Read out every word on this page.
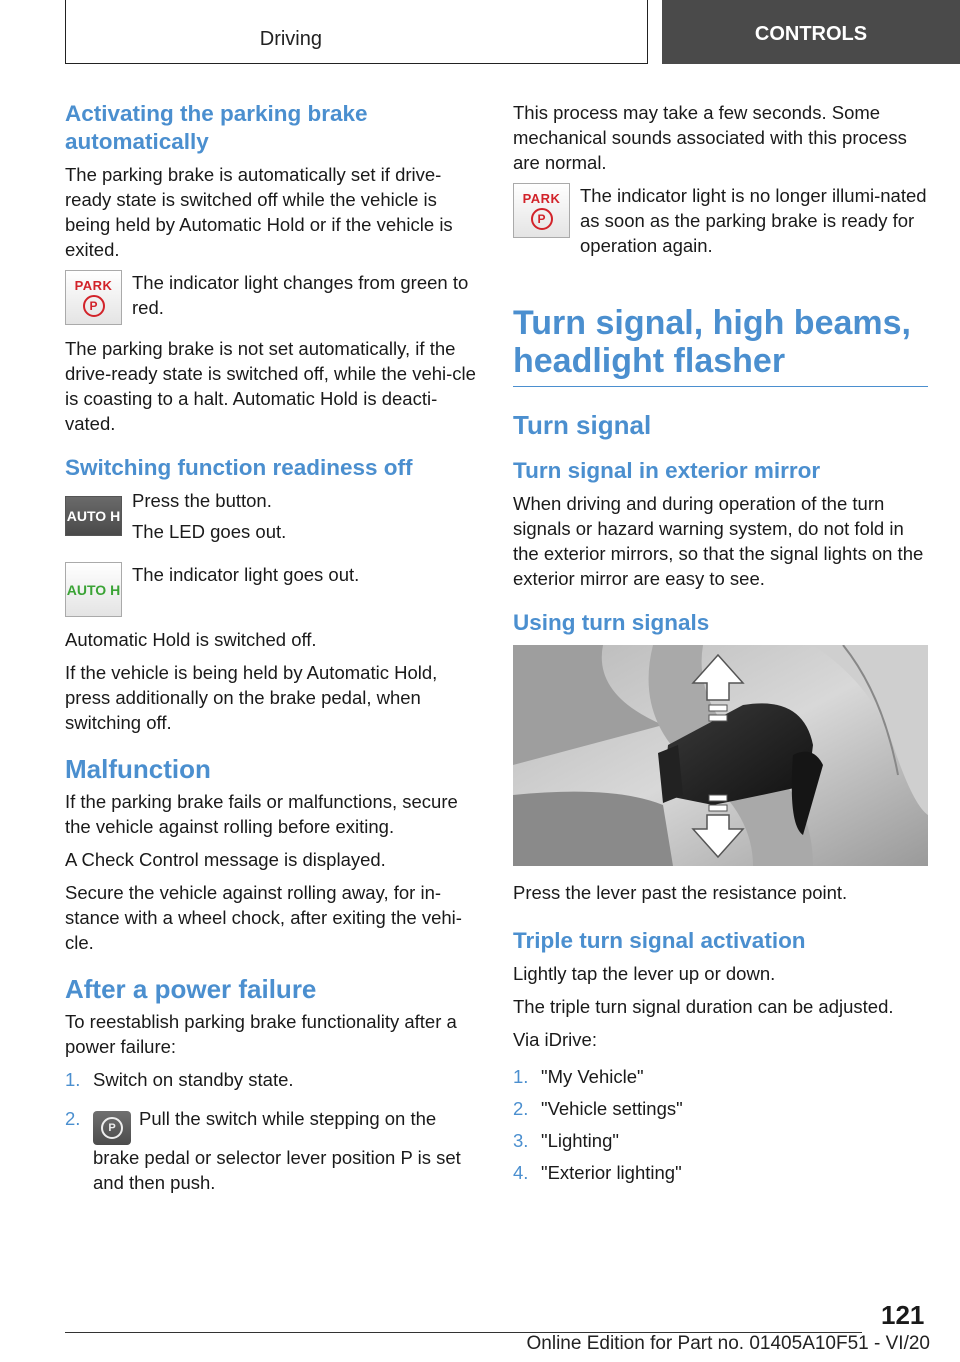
Driving	CONTROLS
Activating the parking brake automatically

The parking brake is automatically set if drive-ready state is switched off while the vehicle is being held by Automatic Hold or if the vehicle is exited.

PARK
P

The indicator light changes from green to red.

The parking brake is not set automatically, if the drive-ready state is switched off, while the vehi-cle is coasting to a halt. Automatic Hold is deacti-vated.

Switching function readiness off
AUTO H

Press the button.

The LED goes out.

AUTO H

The indicator light goes out.

Automatic Hold is switched off.

If the vehicle is being held by Automatic Hold, press additionally on the brake pedal, when switching off.

Malfunction

If the parking brake fails or malfunctions, secure the vehicle against rolling before exiting.

A Check Control message is displayed.

Secure the vehicle against rolling away, for in-stance with a wheel chock, after exiting the vehi-cle.

After a power failure

To reestablish parking brake functionality after a power failure:

1. Switch on standby state.
2.	P	Pull the switch while stepping on the brake pedal or selector lever position P is set and then push.

This process may take a few seconds. Some mechanical sounds associated with this process are normal.

PARK
P

The indicator light is no longer illumi-nated as soon as the parking brake is ready for operation again.

Turn signal, high beams, headlight flasher
Turn signal
Turn signal in exterior mirror

When driving and during operation of the turn signals or hazard warning system, do not fold in the exterior mirrors, so that the signal lights on the exterior mirror are easy to see.

Using turn signals

Press the lever past the resistance point.

Triple turn signal activation

Lightly tap the lever up or down.

The triple turn signal duration can be adjusted.

Via iDrive:

1. "My Vehicle"
2. "Vehicle settings"
3. "Lighting"
4. "Exterior lighting"
121
Online Edition for Part no. 01405A10F51 - VI/20
